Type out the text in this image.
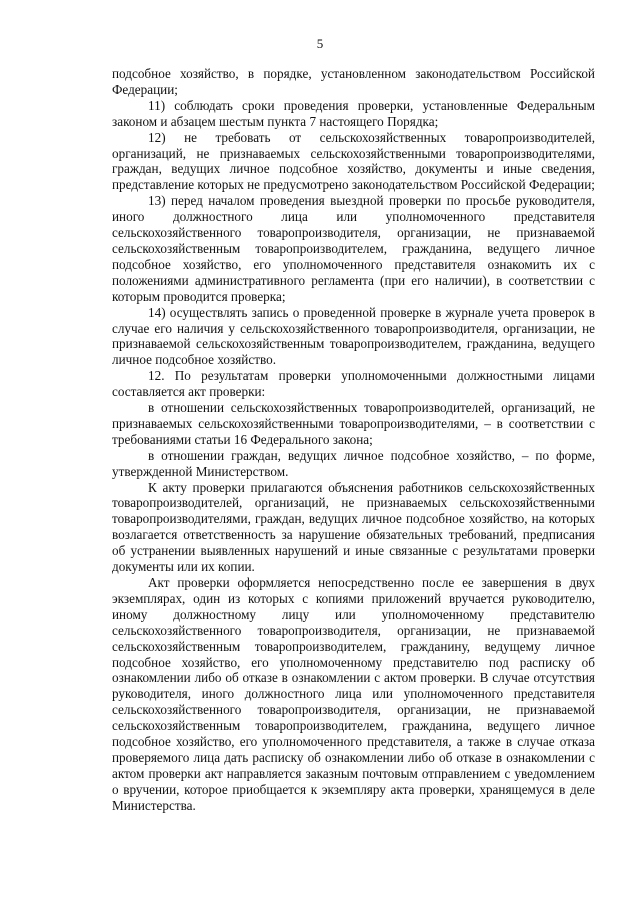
5

подсобное хозяйство, в порядке, установленном законодательством Российской Федерации;

11) соблюдать сроки проведения проверки, установленные Федеральным законом и абзацем шестым пункта 7 настоящего Порядка;

12) не требовать от сельскохозяйственных товаропроизводителей, организаций, не признаваемых сельскохозяйственными товаропроизводителями, граждан, ведущих личное подсобное хозяйство, документы и иные сведения, представление которых не предусмотрено законодательством Российской Федерации;

13) перед началом проведения выездной проверки по просьбе руководителя, иного должностного лица или уполномоченного представителя сельскохозяйственного товаропроизводителя, организации, не признаваемой сельскохозяйственным товаропроизводителем, гражданина, ведущего личное подсобное хозяйство, его уполномоченного представителя ознакомить их с положениями административного регламента (при его наличии), в соответствии с которым проводится проверка;

14) осуществлять запись о проведенной проверке в журнале учета проверок в случае его наличия у сельскохозяйственного товаропроизводителя, организации, не признаваемой сельскохозяйственным товаропроизводителем, гражданина, ведущего личное подсобное хозяйство.

12. По результатам проверки уполномоченными должностными лицами составляется акт проверки:

в отношении сельскохозяйственных товаропроизводителей, организаций, не признаваемых сельскохозяйственными товаропроизводителями, – в соответствии с требованиями статьи 16 Федерального закона;

в отношении граждан, ведущих личное подсобное хозяйство, – по форме, утвержденной Министерством.

К акту проверки прилагаются объяснения работников сельскохозяйственных товаропроизводителей, организаций, не признаваемых сельскохозяйственными товаропроизводителями, граждан, ведущих личное подсобное хозяйство, на которых возлагается ответственность за нарушение обязательных требований, предписания об устранении выявленных нарушений и иные связанные с результатами проверки документы или их копии.

Акт проверки оформляется непосредственно после ее завершения в двух экземплярах, один из которых с копиями приложений вручается руководителю, иному должностному лицу или уполномоченному представителю сельскохозяйственного товаропроизводителя, организации, не признаваемой сельскохозяйственным товаропроизводителем, гражданину, ведущему личное подсобное хозяйство, его уполномоченному представителю под расписку об ознакомлении либо об отказе в ознакомлении с актом проверки. В случае отсутствия руководителя, иного должностного лица или уполномоченного представителя сельскохозяйственного товаропроизводителя, организации, не признаваемой сельскохозяйственным товаропроизводителем, гражданина, ведущего личное подсобное хозяйство, его уполномоченного представителя, а также в случае отказа проверяемого лица дать расписку об ознакомлении либо об отказе в ознакомлении с актом проверки акт направляется заказным почтовым отправлением с уведомлением о вручении, которое приобщается к экземпляру акта проверки, хранящемуся в деле Министерства.
